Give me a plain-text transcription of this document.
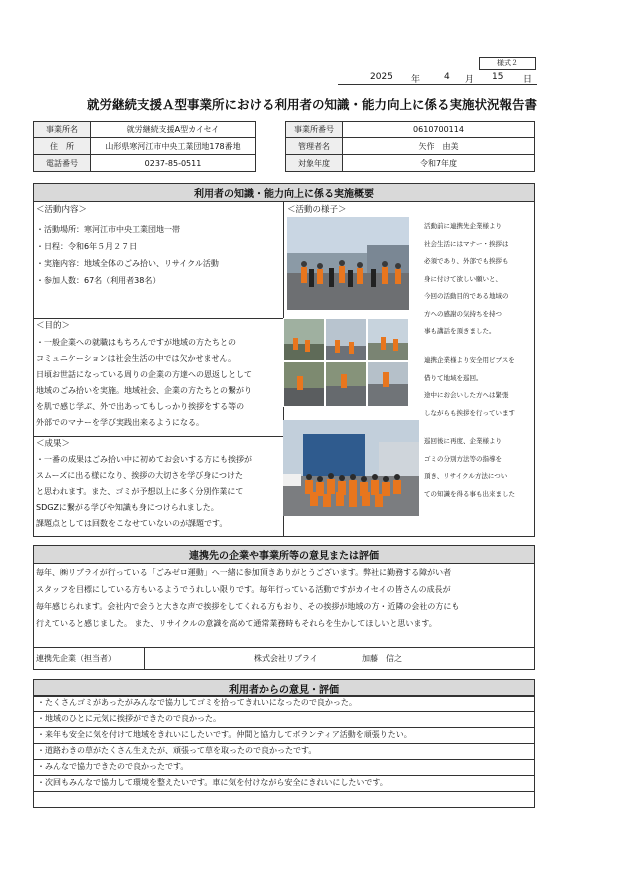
様式２
2025 年	4 月 15 日
就労継続支援Ａ型事業所における利用者の知識・能力向上に係る実施状況報告書
事業所名	就労継続支援A型カイセイ	事業所番号	0610700114
住　所	山形県寒河江市中央工業団地178番地	管理者名	矢作　由美
電話番号	0237-85-0511	対象年度	令和7年度
利用者の知識・能力向上に係る実施概要
＜活動内容＞
・活動場所：寒河江市中央工業団地一帯
・日程：令和6年５月２７日
・実施内容：地域全体のごみ拾い、リサイクル活動
・参加人数：67名（利用者38名）
＜目的＞
・一般企業への就職はもちろんですが地域の方たちとの
コミュニケーションは社会生活の中では欠かせません。
日頃お世話になっている周りの企業の方達への恩返しとして
地域のごみ拾いを実施。地域社会、企業の方たちとの繋がり
を肌で感じ学ぶ、外で出あってもしっかり挨拶をする等の
外部でのマナーを学び実践出来るようになる。
＜成果＞
・一番の成果はごみ拾い中に初めてお会いする方にも挨拶が
スムーズに出る様になり、挨拶の大切さを学び身につけた
と思われます。また、ゴミが予想以上に多く分別作業にて
SDGZに繋がる学びや知識も身につけられました。
課題点としては回数をこなせていないのが課題です。
＜活動の様子＞
活動前に連携先企業様より
社会生活にはマナー・挨拶は
必須であり、外部でも挨拶も
身に付けて欲しい願いと、
今回の活動目的である地域の
方への感謝の気持ちを持つ
事も講話を頂きました。
連携企業様より安全用ビブスを
借りて地域を巡回。
途中にお会いした方へは緊張
しながらも挨拶を行っています
巡回後に再度、企業様より
ゴミの分別方法等の指導を
頂き、リサイクル方法につい
ての知識を得る事も出来ました
連携先の企業や事業所等の意見または評価
毎年、㈱リプライが行っている「ごみゼロ運動」へ一緒に参加頂きありがとうございます。弊社に勤務する障がい者
スタッフを目標にしている方もいるようでうれしい限りです。毎年行っている活動ですがカイセイの皆さんの成長が
毎年感じられます。会社内で会うと大きな声で挨拶をしてくれる方もおり、その挨拶が地域の方・近隣の会社の方にも
行えていると感じました。 また、リサイクルの意識を高めて通常業務時もそれらを生かしてほしいと思います。
連携先企業（担当者）	株式会社リプライ	加藤　信之
利用者からの意見・評価
・たくさんゴミがあったがみんなで協力してゴミを拾ってきれいになったので良かった。
・地域のひとに元気に挨拶ができたので良かった。
・来年も安全に気を付けて地域をきれいにしたいです。仲間と協力してボランティア活動を頑張りたい。
・道路わきの草がたくさん生えたが、頑張って草を取ったので良かったです。
・みんなで協力できたので良かったです。
・次回もみんなで協力して環境を整えたいです。車に気を付けながら安全にきれいにしたいです。
